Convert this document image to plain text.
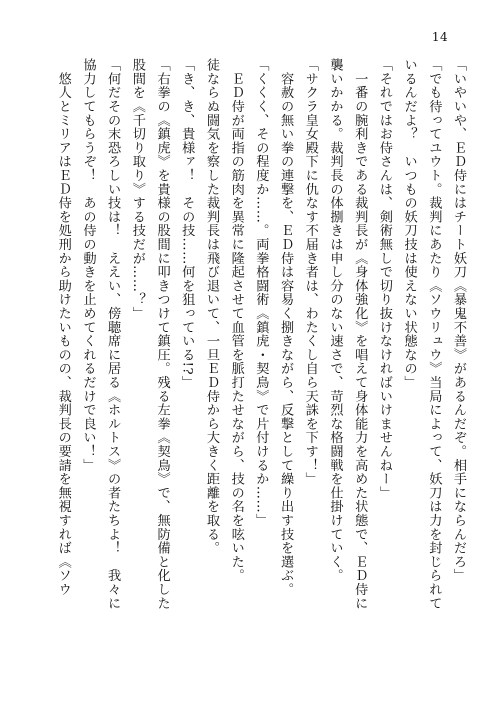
14
「いやいや、ＥＤ侍にはチート妖刀《暴鬼不善》があるんだぞ。相手にならんだろ」
「でも待ってユウト。裁判にあたり《ソウリュウ》当局によって、妖刀は力を封じられて
いるんだよ？　いつもの妖刀技は使えない状態なの」
「それではお侍さんは、剣術無しで切り抜けなければいけませんねー」
　一番の腕利きである裁判長が《身体強化》を唱えて身体能力を高めた状態で、ＥＤ侍に
襲いかかる。裁判長の体捌きは申し分のない速さで、苛烈な格闘戦を仕掛けていく。
「サクラ皇女殿下に仇なす不届き者は、わたくし自ら天誅を下す！」
　容赦の無い拳の連撃を、ＥＤ侍は容易く捌きながら、反撃として繰り出す技を選ぶ。
「くくく、その程度か……。両拳格闘術《鎮虎・契鳥》で片付けるか……」
　ＥＤ侍が両指の筋肉を異常に隆起させて血管を脈打たせながら、技の名を呟いた。
徒ならぬ闘気を察した裁判長は飛び退いて、一旦ＥＤ侍から大きく距離を取る。
「き、き、貴様ァ！　その技……何を狙っている!?」
「右拳の《鎮虎》を貴様の股間に叩きつけて鎮圧。残る左拳《契鳥》で、無防備と化した
股間を《千切り取り》する技だが……？」
「何だその末恐ろしい技は！　ええい、傍聴席に居る《ホルトス》の者たちよ！　我々に
協力してもらうぞ！　あの侍の動きを止めてくれるだけで良い！」
　悠人とミリアはＥＤ侍を処刑から助けたいものの、裁判長の要請を無視すれば《ソウ
